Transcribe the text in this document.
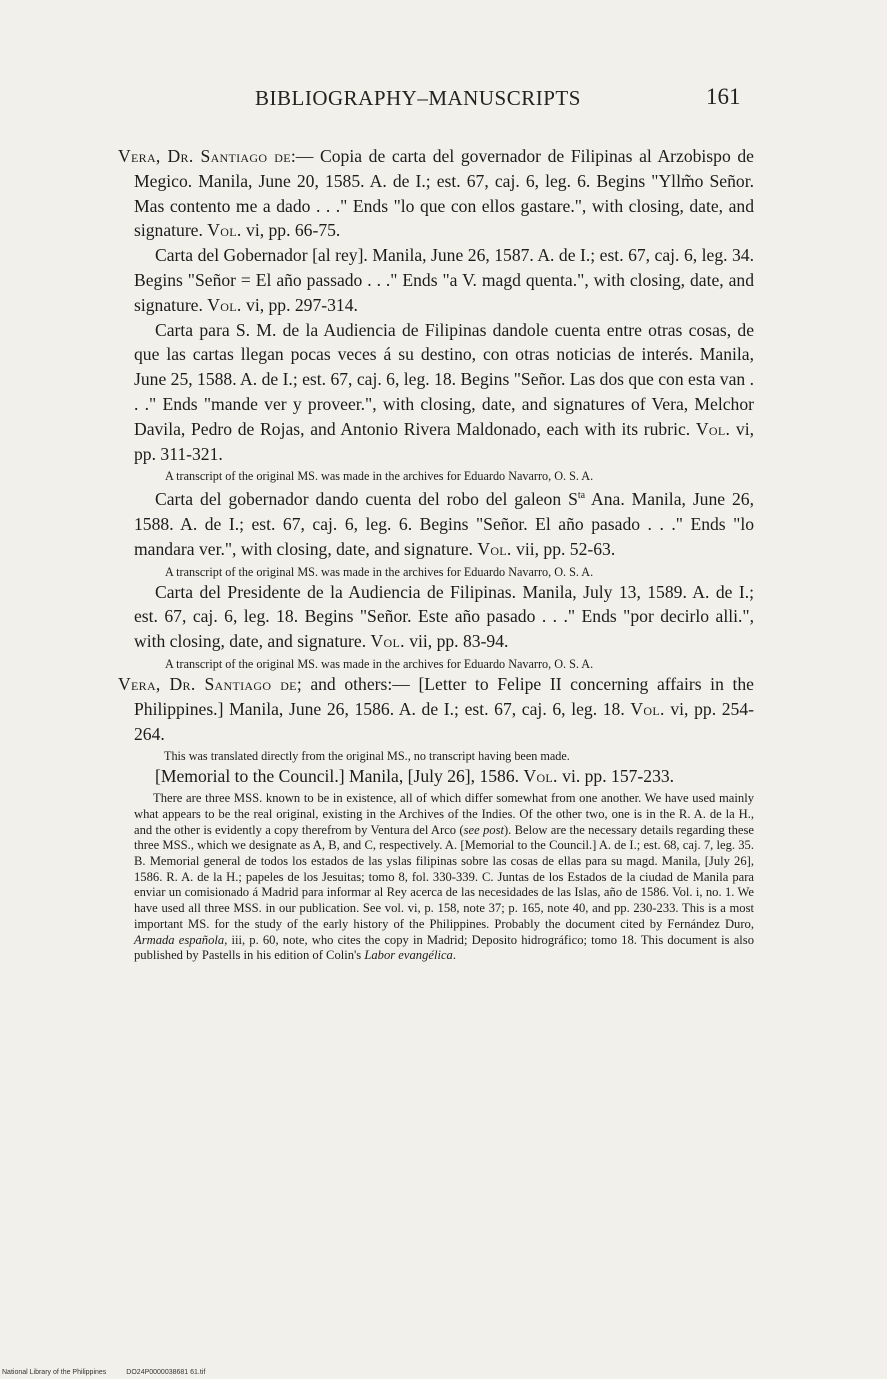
BIBLIOGRAPHY–MANUSCRIPTS	161

Vera, Dr. Santiago de:— Copia de carta del governador de Filipinas al Arzobispo de Megico. Manila, June 20, 1585. A. de I.; est. 67, caj. 6, leg. 6. Begins "Yllm̃o Señor. Mas contento me a dado . . ." Ends "lo que con ellos gastare.", with closing, date, and signature. Vol. vi, pp. 66-75.

Carta del Gobernador [al rey]. Manila, June 26, 1587. A. de I.; est. 67, caj. 6, leg. 34. Begins "Señor = El año passado . . ." Ends "a V. magd quenta.", with closing, date, and signature. Vol. vi, pp. 297-314.

Carta para S. M. de la Audiencia de Filipinas dandole cuenta entre otras cosas, de que las cartas llegan pocas veces á su destino, con otras noticias de interés. Manila, June 25, 1588. A. de I.; est. 67, caj. 6, leg. 18. Begins "Señor. Las dos que con esta van . . ." Ends "mande ver y proveer.", with closing, date, and signatures of Vera, Melchor Davila, Pedro de Rojas, and Antonio Rivera Maldonado, each with its rubric. Vol. vi, pp. 311-321.

A transcript of the original MS. was made in the archives for Eduardo Navarro, O. S. A.

Carta del gobernador dando cuenta del robo del galeon $S^{ta}$ Ana. Manila, June 26, 1588. A. de I.; est. 67, caj. 6, leg. 6. Begins "Señor. El año pasado . . ." Ends "lo mandara ver.", with closing, date, and signature. Vol. vii, pp. 52-63.

A transcript of the original MS. was made in the archives for Eduardo Navarro, O. S. A.

Carta del Presidente de la Audiencia de Filipinas. Manila, July 13, 1589. A. de I.; est. 67, caj. 6, leg. 18. Begins "Señor. Este año pasado . . ." Ends "por decirlo alli.", with closing, date, and signature. Vol. vii, pp. 83-94.

A transcript of the original MS. was made in the archives for Eduardo Navarro, O. S. A.

Vera, Dr. Santiago de; and others:— [Letter to Felipe II concerning affairs in the Philippines.] Manila, June 26, 1586. A. de I.; est. 67, caj. 6, leg. 18. Vol. vi, pp. 254-264.

This was translated directly from the original MS., no transcript having been made.

[Memorial to the Council.] Manila, [July 26], 1586. Vol. vi. pp. 157-233.

There are three MSS. known to be in existence, all of which differ somewhat from one another. We have used mainly what appears to be the real original, existing in the Archives of the Indies. Of the other two, one is in the R. A. de la H., and the other is evidently a copy therefrom by Ventura del Arco (see post). Below are the necessary details regarding these three MSS., which we designate as A, B, and C, respectively. A. [Memorial to the Council.] A. de I.; est. 68, caj. 7, leg. 35. B. Memorial general de todos los estados de las yslas filipinas sobre las cosas de ellas para su magd. Manila, [July 26], 1586. R. A. de la H.; papeles de los Jesuitas; tomo 8, fol. 330-339. C. Juntas de los Estados de la ciudad de Manila para enviar un comisionado á Madrid para informar al Rey acerca de las necesidades de las Islas, año de 1586. Vol. i, no. 1. We have used all three MSS. in our publication. See vol. vi, p. 158, note 37; p. 165, note 40, and pp. 230-233. This is a most important MS. for the study of the early history of the Philippines. Probably the document cited by Fernández Duro, Armada española, iii, p. 60, note, who cites the copy in Madrid; Deposito hidrográfico; tomo 18. This document is also published by Pastells in his edition of Colin's Labor evangélica.

National Library of the Philippines	DO24P0000038681 61.tif
